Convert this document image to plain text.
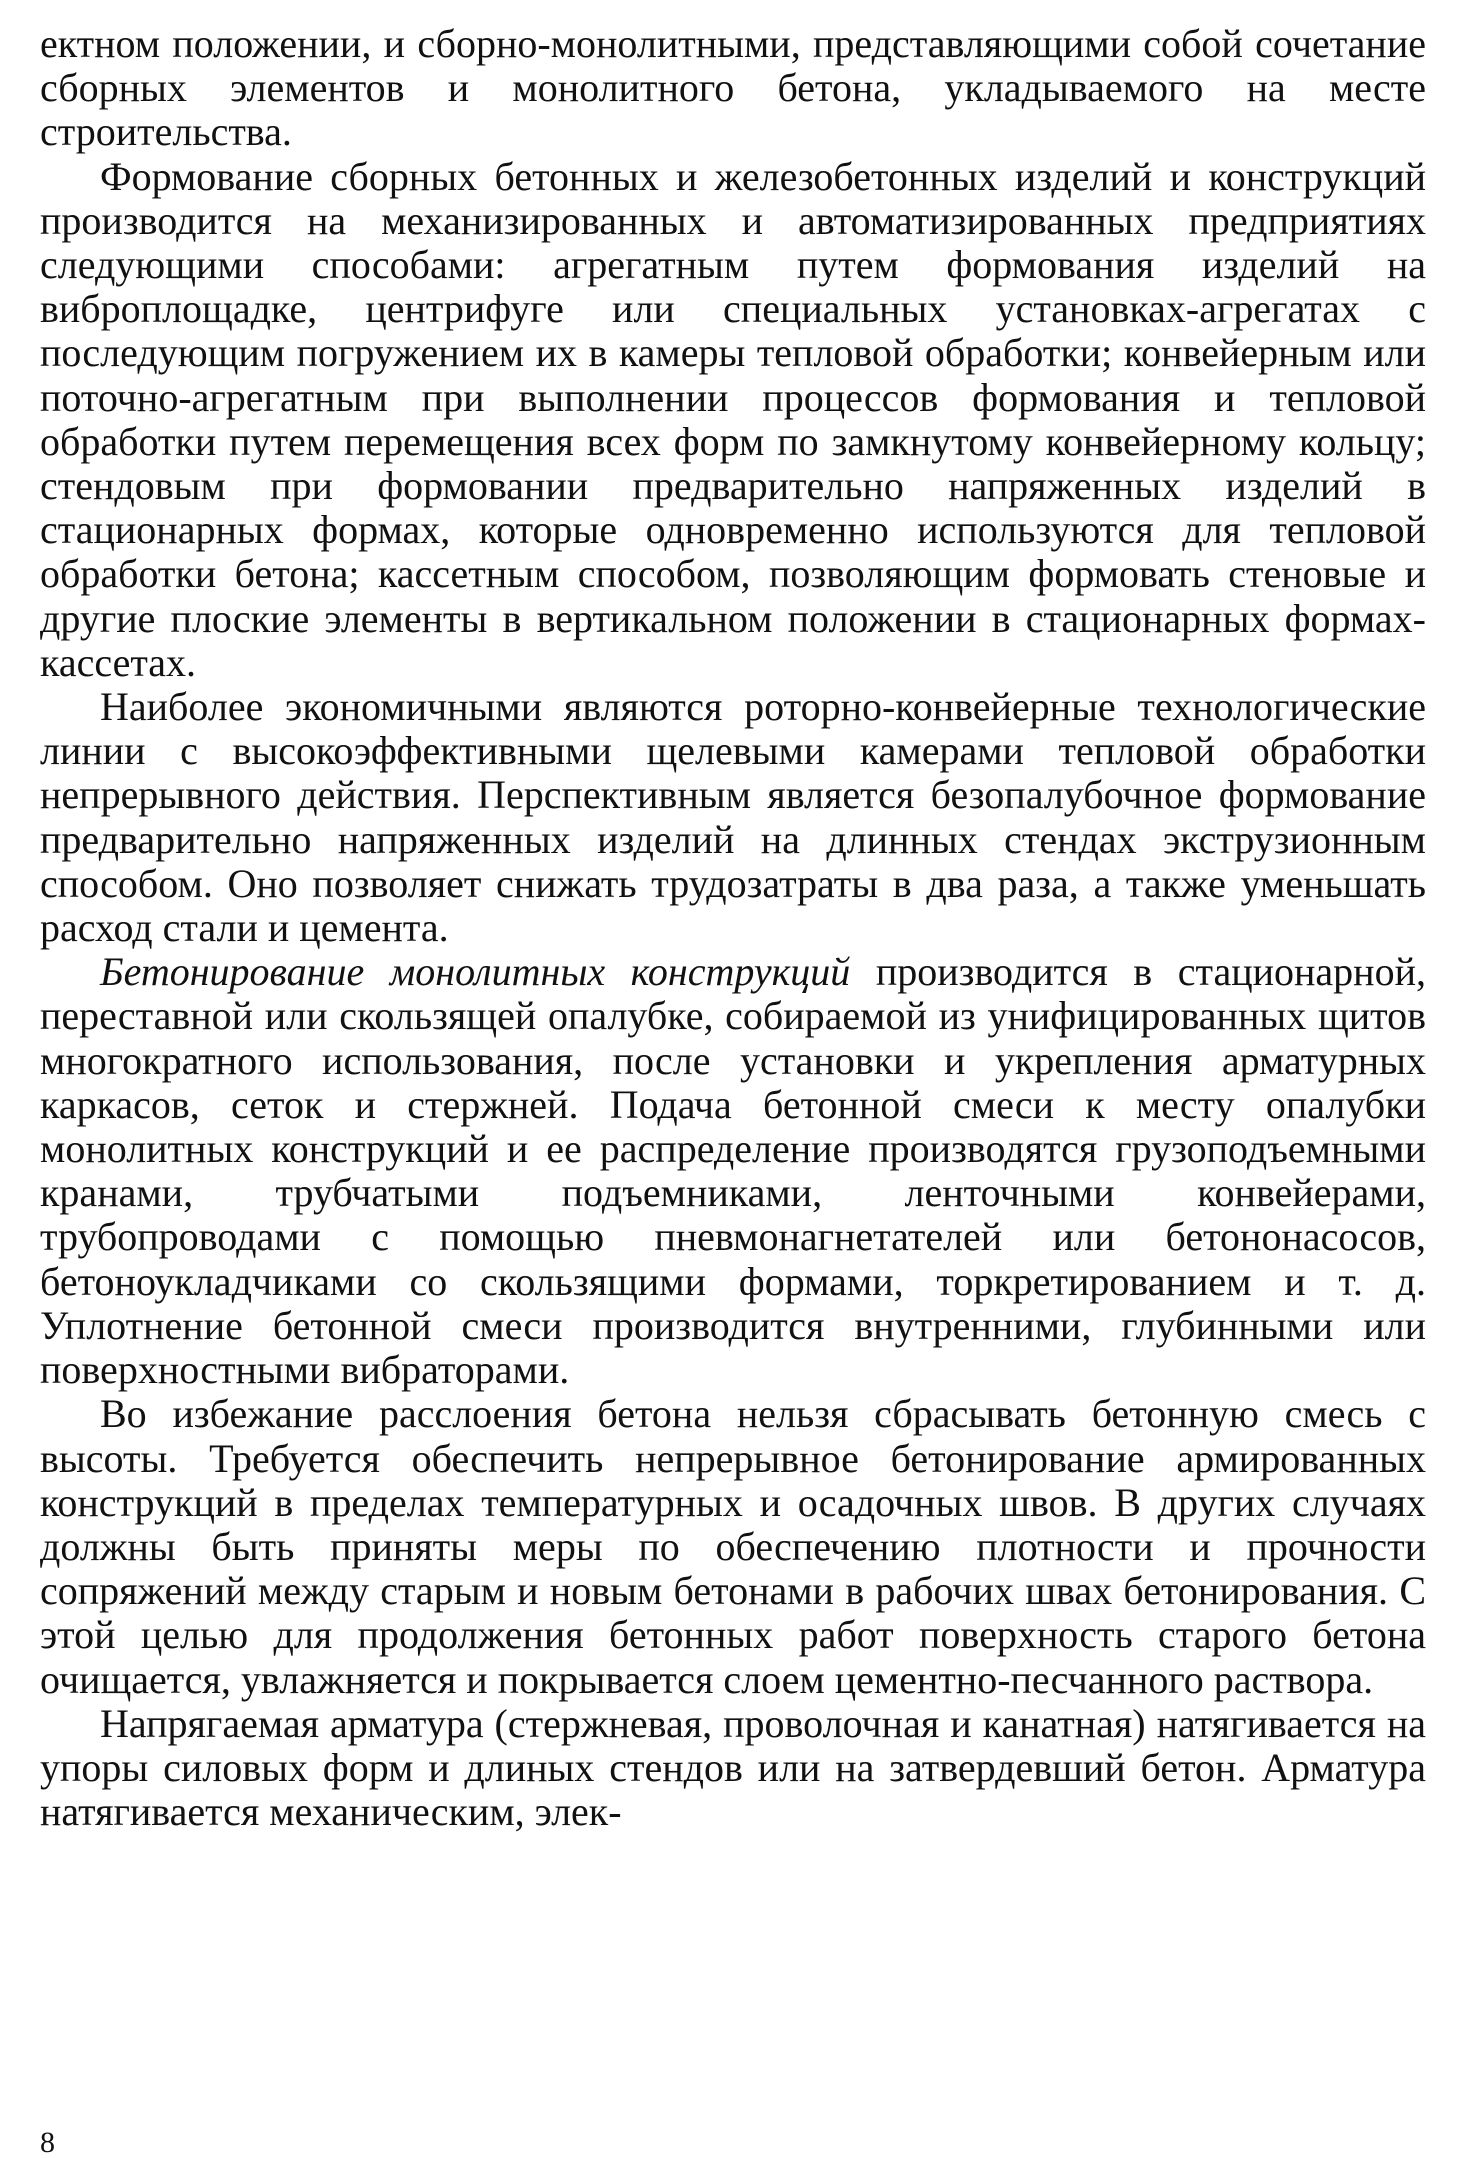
ектном положении, и сборно-монолитными, представляющими собой сочетание сборных элементов и монолитного бетона, укладываемого на месте строительства.

Формование сборных бетонных и железобетонных изделий и конструкций производится на механизированных и автоматизированных предприятиях следующими способами: агрегатным путем формования изделий на виброплощадке, центрифуге или специальных установках-агрегатах с последующим погружением их в камеры тепловой обработки; конвейерным или поточно-агрегатным при выполнении процессов формования и тепловой обработки путем перемещения всех форм по замкнутому конвейерному кольцу; стендовым при формовании предварительно напряженных изделий в стационарных формах, которые одновременно используются для тепловой обработки бетона; кассетным способом, позволяющим формовать стеновые и другие плоские элементы в вертикальном положении в стационарных формах-кассетах.

Наиболее экономичными являются роторно-конвейерные технологические линии с высокоэффективными щелевыми камерами тепловой обработки непрерывного действия. Перспективным является безопалубочное формование предварительно напряженных изделий на длинных стендах экструзионным способом. Оно позволяет снижать трудозатраты в два раза, а также уменьшать расход стали и цемента.

Бетонирование монолитных конструкций производится в стационарной, переставной или скользящей опалубке, собираемой из унифицированных щитов многократного использования, после установки и укрепления арматурных каркасов, сеток и стержней. Подача бетонной смеси к месту опалубки монолитных конструкций и ее распределение производятся грузоподъемными кранами, трубчатыми подъемниками, ленточными конвейерами, трубопроводами с помощью пневмонагнетателей или бетононасосов, бетоноукладчиками со скользящими формами, торкретированием и т. д. Уплотнение бетонной смеси производится внутренними, глубинными или поверхностными вибраторами.

Во избежание расслоения бетона нельзя сбрасывать бетонную смесь с высоты. Требуется обеспечить непрерывное бетонирование армированных конструкций в пределах температурных и осадочных швов. В других случаях должны быть приняты меры по обеспечению плотности и прочности сопряжений между старым и новым бетонами в рабочих швах бетонирования. С этой целью для продолжения бетонных работ поверхность старого бетона очищается, увлажняется и покрывается слоем цементно-песчанного раствора.

Напрягаемая арматура (стержневая, проволочная и канатная) натягивается на упоры силовых форм и длиных стендов или на затвердевший бетон. Арматура натягивается механическим, элек-

8
